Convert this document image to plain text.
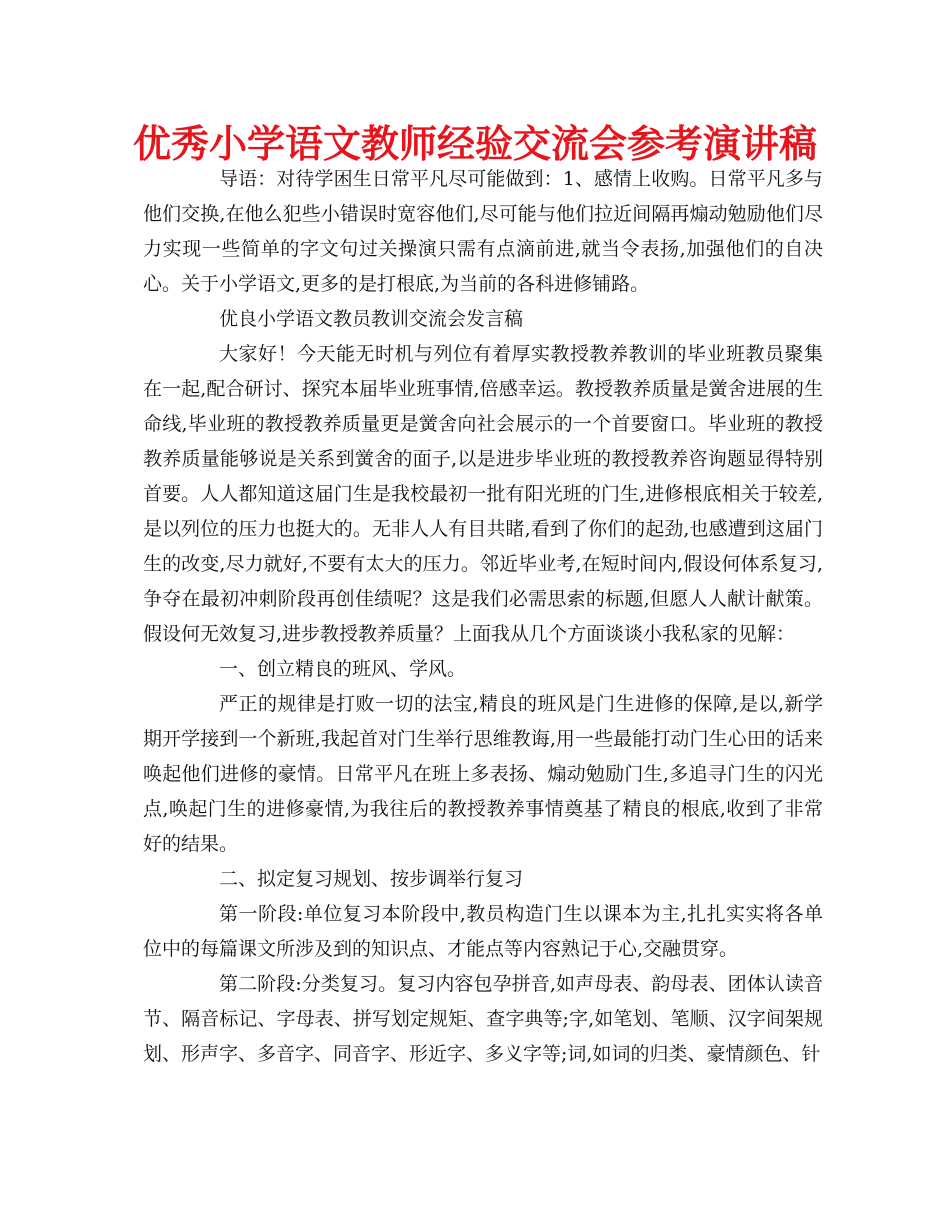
优秀小学语文教师经验交流会参考演讲稿

导语：对待学困生日常平凡尽可能做到：1、感情上收购。日常平凡多与他们交换,在他么犯些小错误时宽容他们,尽可能与他们拉近间隔再煽动勉励他们尽力实现一些简单的字文句过关操演只需有点滴前进,就当令表扬,加强他们的自决心。关于小学语文,更多的是打根底,为当前的各科进修铺路。

优良小学语文教员教训交流会发言稿

大家好！今天能无时机与列位有着厚实教授教养教训的毕业班教员聚集在一起,配合研讨、探究本届毕业班事情,倍感幸运。教授教养质量是黉舍进展的生命线,毕业班的教授教养质量更是黉舍向社会展示的一个首要窗口。毕业班的教授教养质量能够说是关系到黉舍的面子,以是进步毕业班的教授教养咨询题显得特别首要。人人都知道这届门生是我校最初一批有阳光班的门生,进修根底相关于较差,是以列位的压力也挺大的。无非人人有目共睹,看到了你们的起劲,也感遭到这届门生的改变,尽力就好,不要有太大的压力。邻近毕业考,在短时间内,假设何体系复习,争夺在最初冲刺阶段再创佳绩呢？这是我们必需思索的标题,但愿人人献计献策。假设何无效复习,进步教授教养质量？上面我从几个方面谈谈小我私家的见解：

一、创立精良的班风、学风。

严正的规律是打败一切的法宝,精良的班风是门生进修的保障,是以,新学期开学接到一个新班,我起首对门生举行思维教诲,用一些最能打动门生心田的话来唤起他们进修的豪情。日常平凡在班上多表扬、煽动勉励门生,多追寻门生的闪光点,唤起门生的进修豪情,为我往后的教授教养事情奠基了精良的根底,收到了非常好的结果。

二、拟定复习规划、按步调举行复习

第一阶段:单位复习本阶段中,教员构造门生以课本为主,扎扎实实将各单位中的每篇课文所涉及到的知识点、才能点等内容熟记于心,交融贯穿。

第二阶段:分类复习。复习内容包孕拼音,如声母表、韵母表、团体认读音节、隔音标记、字母表、拼写划定规矩、查字典等;字,如笔划、笔顺、汉字间架规划、形声字、多音字、同音字、形近字、多义字等;词,如词的归类、豪情颜色、针
